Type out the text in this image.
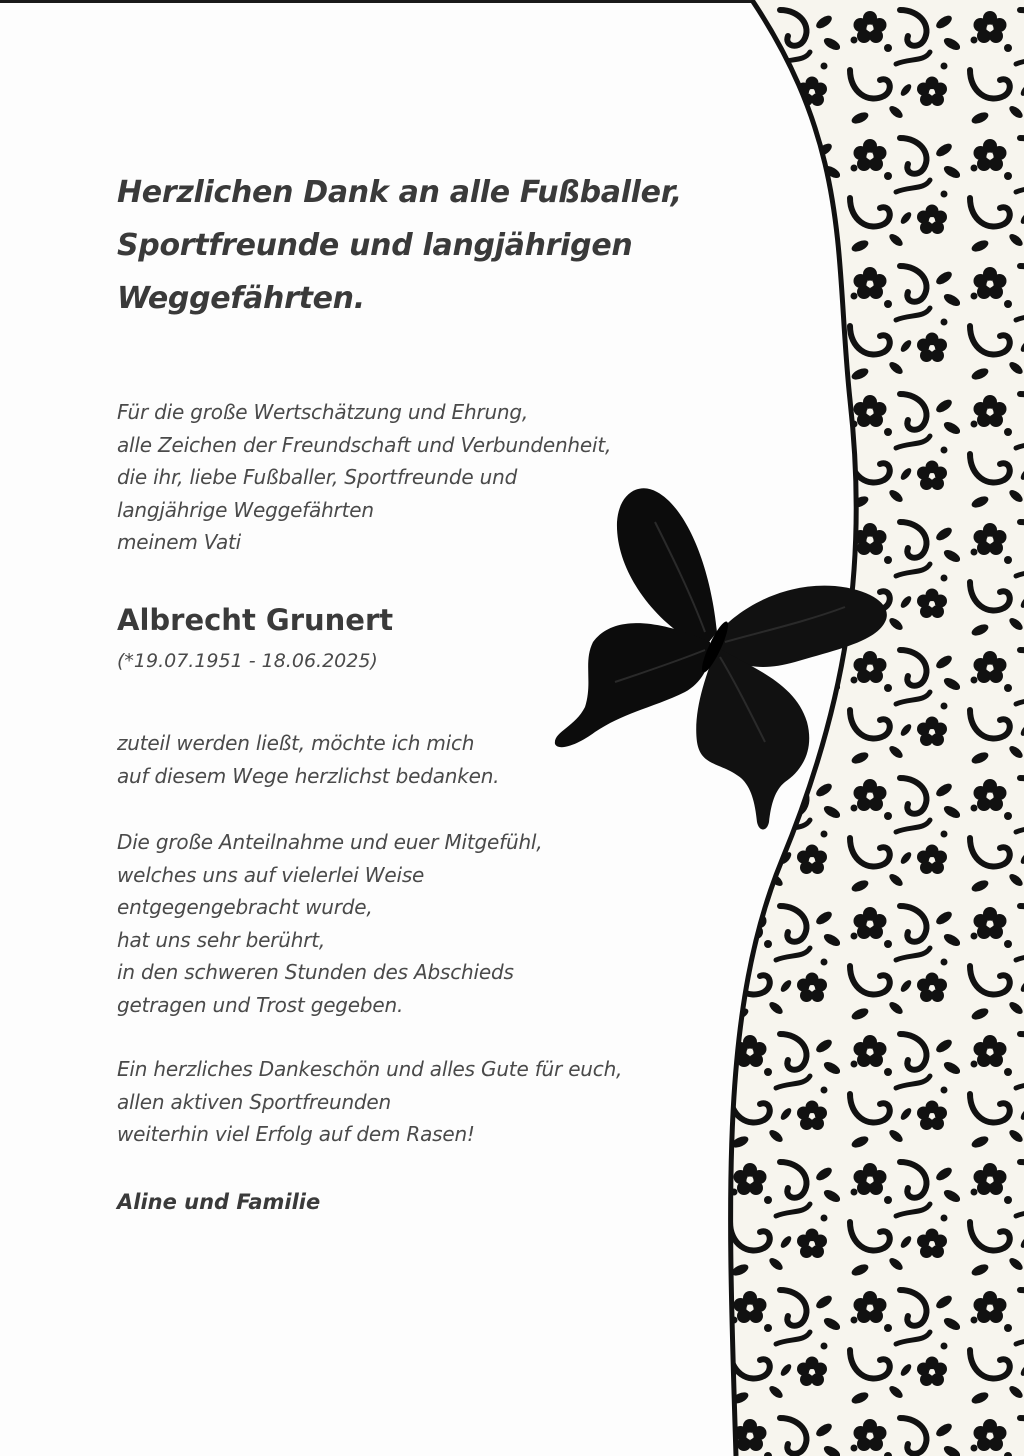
Herzlichen Dank an alle Fußballer,
Sportfreunde und langjährigen
Weggefährten.

Für die große Wertschätzung und Ehrung,
alle Zeichen der Freundschaft und Verbundenheit,
die ihr, liebe Fußballer, Sportfreunde und
langjährige Weggefährten
meinem Vati

Albrecht Grunert
(*19.07.1951 - 18.06.2025)

zuteil werden ließt, möchte ich mich
auf diesem Wege herzlichst bedanken.

Die große Anteilnahme und euer Mitgefühl,
welches uns auf vielerlei Weise
entgegengebracht wurde,
hat uns sehr berührt,
in den schweren Stunden des Abschieds
getragen und Trost gegeben.

Ein herzliches Dankeschön und alles Gute für euch,
allen aktiven Sportfreunden
weiterhin viel Erfolg auf dem Rasen!

Aline und Familie
